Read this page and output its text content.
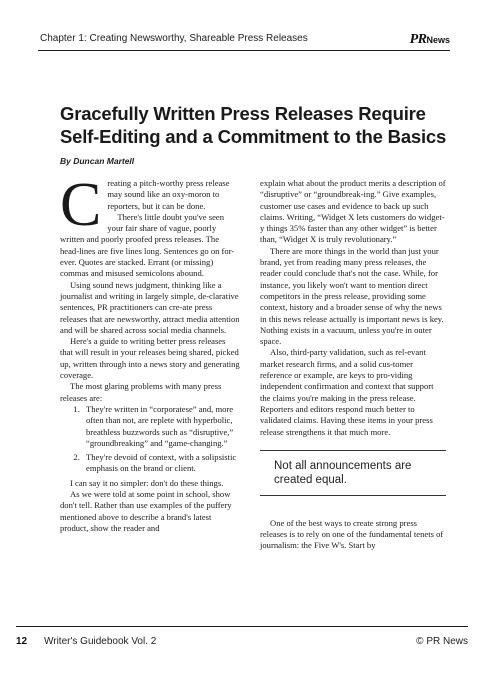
Chapter 1: Creating Newsworthy, Shareable Press Releases	PRNews
Gracefully Written Press Releases Require Self-Editing and a Commitment to the Basics
By Duncan Martell
C reating a pitch-worthy press release may sound like an oxy-moron to reporters, but it can be done.

There's little doubt you've seen your fair share of vague, poorly written and poorly proofed press releases. The head-lines are five lines long. Sentences go on for-ever. Quotes are stacked. Errant (or missing) commas and misused semicolons abound.

Using sound news judgment, thinking like a journalist and writing in largely simple, de-clarative sentences, PR practitioners can cre-ate press releases that are newsworthy, attract media attention and will be shared across social media channels.

Here's a guide to writing better press releases that will result in your releases being shared, picked up, written through into a news story and generating coverage.

The most glaring problems with many press releases are:

1. They're written in “corporatese” and, more often than not, are replete with hyperbolic, breathless buzzwords such as “disruptive,” “groundbreaking” and “game-changing.”
2. They're devoid of context, with a solipsistic emphasis on the brand or client.

I can say it no simpler: don't do these things.

As we were told at some point in school, show don't tell. Rather than use examples of the puffery mentioned above to describe a brand's latest product, show the reader and

explain what about the product merits a description of “disruptive” or “groundbreak-ing.” Give examples, customer use cases and evidence to back up such claims. Writing, “Widget X lets customers do widget-y things 35% faster than any other widget” is better than, “Widget X is truly revolutionary.”

There are more things in the world than just your brand, yet from reading many press releases, the reader could conclude that's not the case. While, for instance, you likely won't want to mention direct competitors in the press release, providing some context, history and a broader sense of why the news in this news release actually is important news is key. Nothing exists in a vacuum, unless you're in outer space.

Also, third-party validation, such as rel-evant market research firms, and a solid cus-tomer reference or example, are keys to pro-viding independent confirmation and context that support the claims you're making in the press release. Reporters and editors respond much better to validated claims. Having these items in your press release strengthens it that much more.

Not all announcements are created equal.

One of the best ways to create strong press releases is to rely on one of the fundamental tenets of journalism: the Five W's. Start by

12 Writer's Guidebook Vol. 2	© PR News
